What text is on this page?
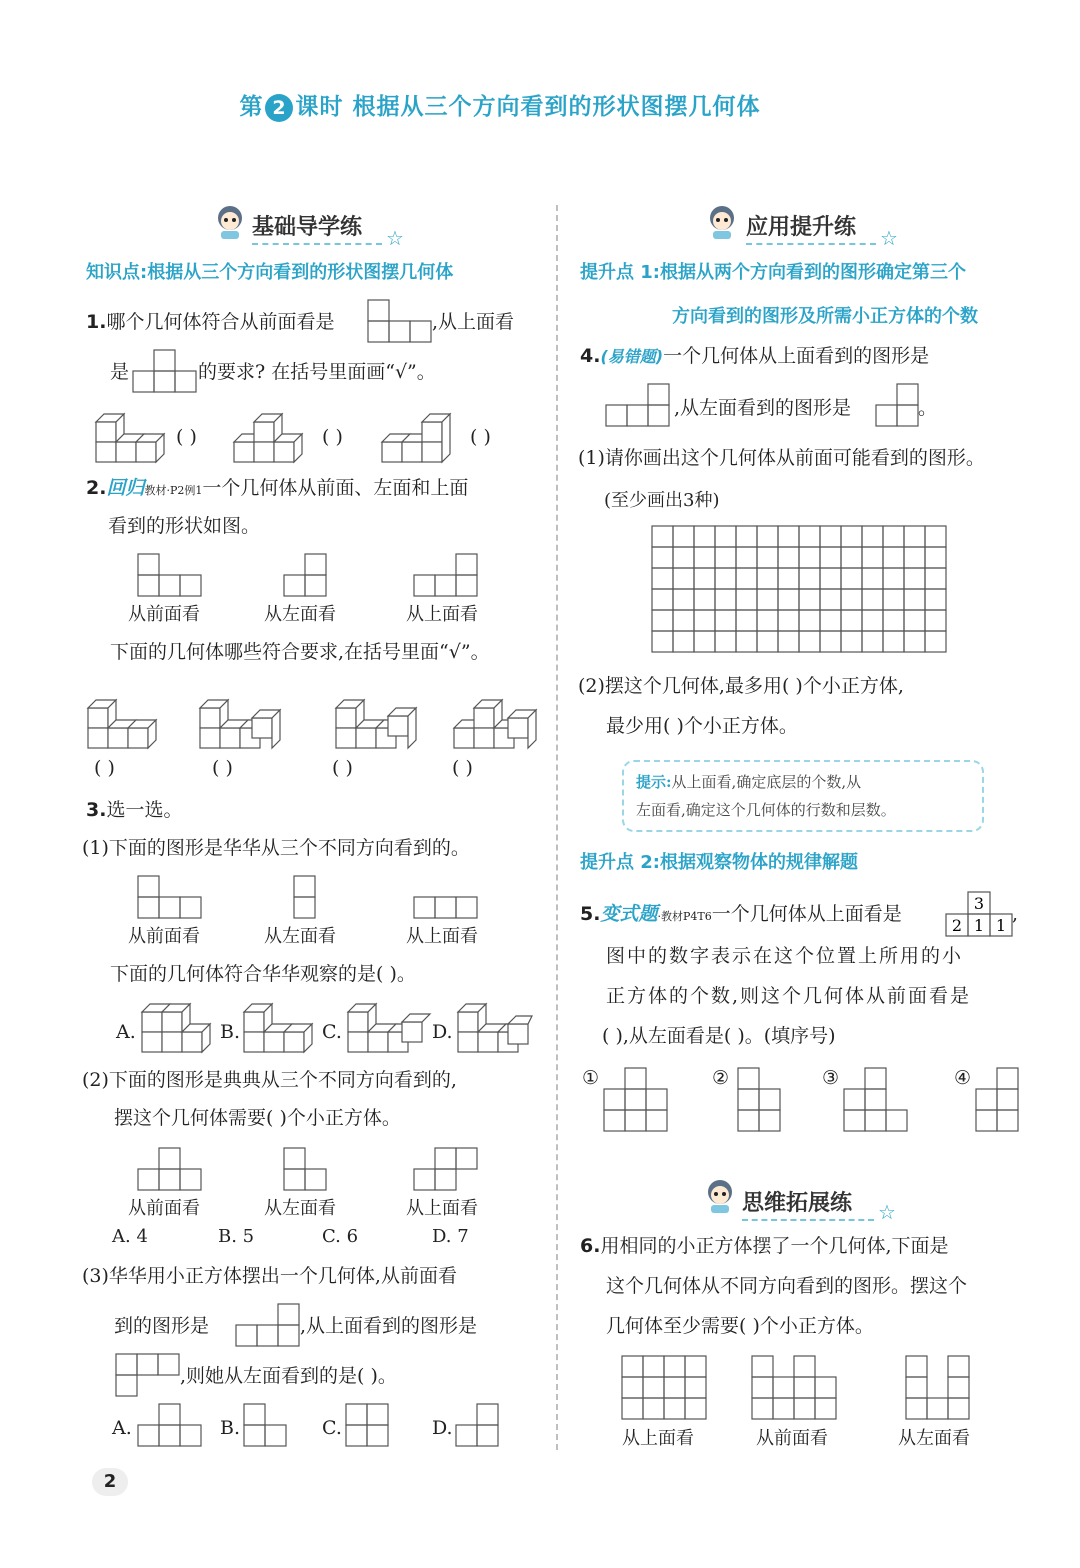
第 2 课时 根据从三个方向看到的形状图摆几何体
基础导学练	☆
知识点:根据从三个方向看到的形状图摆几何体
1.哪个几何体符合从前面看是	,从上面看
是	的要求? 在括号里面画“√”。
( )	( )	( )
2.回归教材·P2例1一个几何体从前面、左面和上面
看到的形状如图。
从前面看	从左面看	从上面看
下面的几何体哪些符合要求,在括号里面“√”。
( )	( )	( )	( )
3.选一选。
(1)下面的图形是华华从三个不同方向看到的。
从前面看	从左面看	从上面看
下面的几何体符合华华观察的是( )。
A.	B.	C.	D.
(2)下面的图形是典典从三个不同方向看到的,
摆这个几何体需要( )个小正方体。
从前面看	从左面看	从上面看
A. 4	B. 5	C. 6	D. 7
(3)华华用小正方体摆出一个几何体,从前面看
到的图形是	,从上面看到的图形是
,则她从左面看到的是( )。
A.	B.	C.	D.
2
应用提升练	☆
提升点 1:根据从两个方向看到的图形确定第三个
方向看到的图形及所需小正方体的个数
4.(易错题)一个几何体从上面看到的图形是
,从左面看到的图形是	。
(1)请你画出这个几何体从前面可能看到的图形。
(至少画出3种)
(2)摆这个几何体,最多用( )个小正方体,
最少用( )个小正方体。
提示:从上面看,确定底层的个数,从
左面看,确定这个几何体的行数和层数。
提升点 2:根据观察物体的规律解题
5.变式题·教材P4T6一个几何体从上面看是	3
2 1 1
,
图中的数字表示在这个位置上所用的小
正方体的个数,则这个几何体从前面看是
( ),从左面看是( )。(填序号)
①	②	③	④
思维拓展练	☆
6.用相同的小正方体摆了一个几何体,下面是
这个几何体从不同方向看到的图形。摆这个
几何体至少需要( )个小正方体。
从上面看	从前面看	从左面看
